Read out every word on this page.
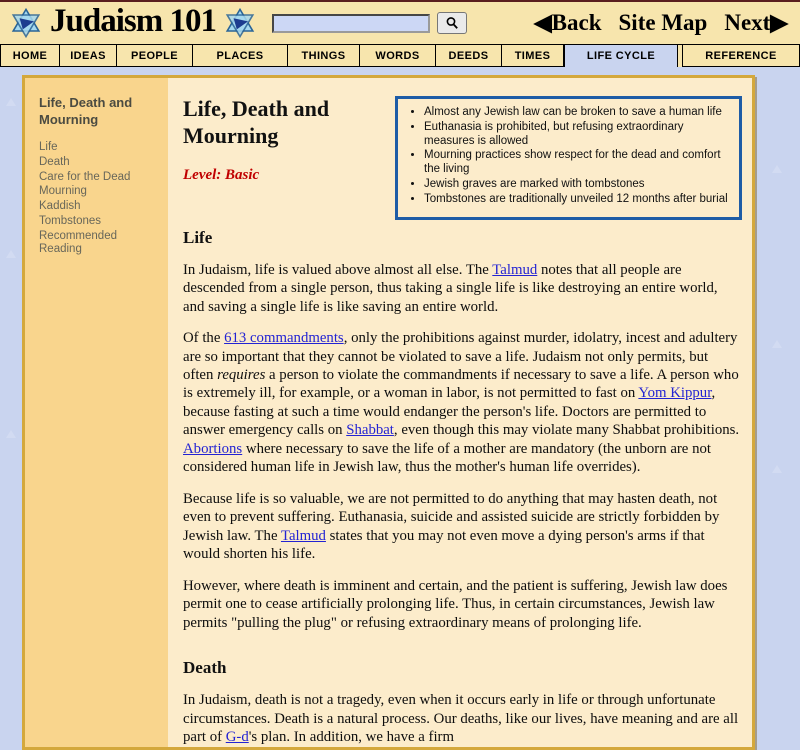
Judaism 101	◀Back Site Map Next▶
HOME	IDEAS	PEOPLE	PLACES	THINGS	WORDS	DEEDS	TIMES	LIFE CYCLE	REFERENCE
Life, Death and Mourning
Life
Death
Care for the Dead
Mourning
Kaddish
Tombstones
Recommended Reading
• Almost any Jewish law can be broken to save a human life
• Euthanasia is prohibited, but refusing extraordinary measures is allowed
• Mourning practices show respect for the dead and comfort the living
• Jewish graves are marked with tombstones
• Tombstones are traditionally unveiled 12 months after burial
Life, Death and Mourning
Level: Basic
Life

In Judaism, life is valued above almost all else. The Talmud notes that all people are descended from a single person, thus taking a single life is like destroying an entire world, and saving a single life is like saving an entire world.

Of the 613 commandments, only the prohibitions against murder, idolatry, incest and adultery are so important that they cannot be violated to save a life. Judaism not only permits, but often requires a person to violate the commandments if necessary to save a life. A person who is extremely ill, for example, or a woman in labor, is not permitted to fast on Yom Kippur, because fasting at such a time would endanger the person's life. Doctors are permitted to answer emergency calls on Shabbat, even though this may violate many Shabbat prohibitions. Abortions where necessary to save the life of a mother are mandatory (the unborn are not considered human life in Jewish law, thus the mother's human life overrides).

Because life is so valuable, we are not permitted to do anything that may hasten death, not even to prevent suffering. Euthanasia, suicide and assisted suicide are strictly forbidden by Jewish law. The Talmud states that you may not even move a dying person's arms if that would shorten his life.

However, where death is imminent and certain, and the patient is suffering, Jewish law does permit one to cease artificially prolonging life. Thus, in certain circumstances, Jewish law permits "pulling the plug" or refusing extraordinary means of prolonging life.

Death

In Judaism, death is not a tragedy, even when it occurs early in life or through unfortunate circumstances. Death is a natural process. Our deaths, like our lives, have meaning and are all part of G-d's plan. In addition, we have a firm
